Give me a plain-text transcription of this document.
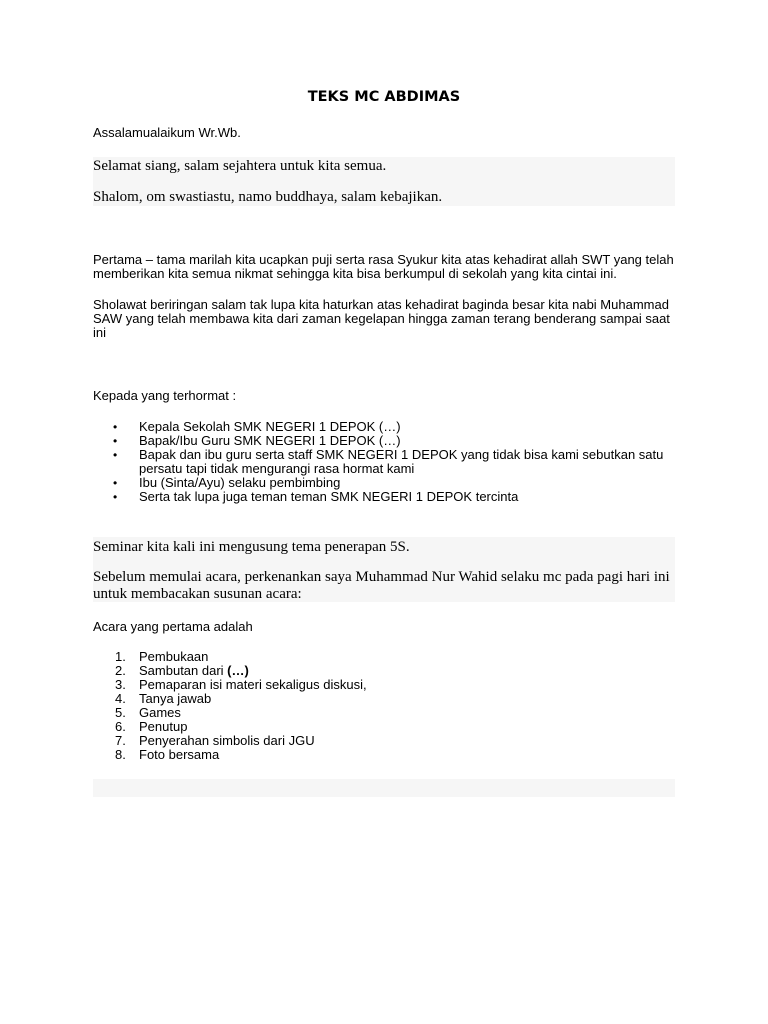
TEKS MC ABDIMAS
Assalamualaikum Wr.Wb.
Selamat siang, salam sejahtera untuk kita semua.
Shalom, om swastiastu, namo buddhaya, salam kebajikan.
Pertama – tama marilah kita ucapkan puji serta rasa Syukur kita atas kehadirat allah SWT yang telah memberikan kita semua nikmat sehingga kita bisa berkumpul di sekolah yang kita cintai ini.
Sholawat beriringan salam tak lupa kita haturkan atas kehadirat baginda besar kita nabi Muhammad SAW yang telah membawa kita dari zaman kegelapan hingga zaman terang benderang sampai saat ini
Kepada yang terhormat :
• Kepala Sekolah SMK NEGERI 1 DEPOK (…)
• Bapak/Ibu Guru SMK NEGERI 1 DEPOK (…)
• Bapak dan ibu guru serta staff SMK NEGERI 1 DEPOK yang tidak bisa kami sebutkan satu persatu tapi tidak mengurangi rasa hormat kami
• Ibu (Sinta/Ayu) selaku pembimbing
• Serta tak lupa juga teman teman SMK NEGERI 1 DEPOK tercinta
Seminar kita kali ini mengusung tema penerapan 5S.
Sebelum memulai acara, perkenankan saya Muhammad Nur Wahid selaku mc pada pagi hari ini untuk membacakan susunan acara:
Acara yang pertama adalah
1. Pembukaan
2. Sambutan dari (…)
3. Pemaparan isi materi sekaligus diskusi,
4. Tanya jawab
5. Games
6. Penutup
7. Penyerahan simbolis dari JGU
8. Foto bersama
